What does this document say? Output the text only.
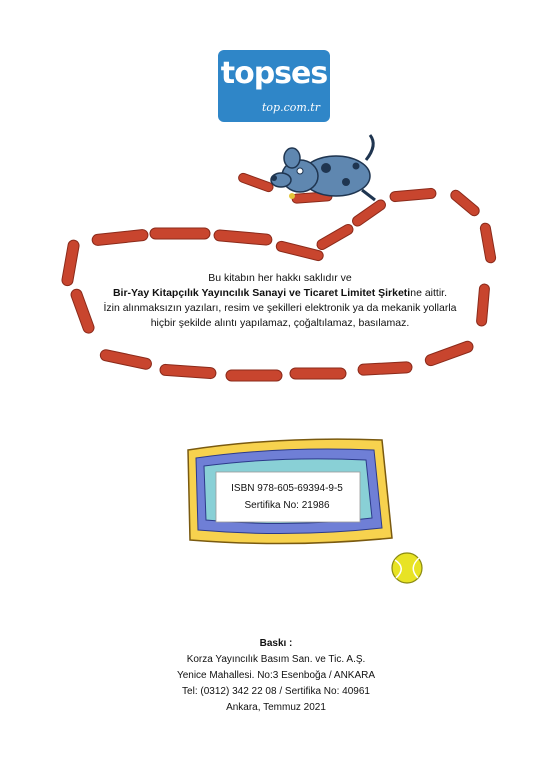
topses
top.com.tr
Bu kitabın her hakkı saklıdır ve
Bir-Yay Kitapçılık Yayıncılık Sanayi ve Ticaret Limitet Şirketine aittir.
İzin alınmaksızın yazıları, resim ve şekilleri elektronik ya da mekanik yollarla
hiçbir şekilde alıntı yapılamaz, çoğaltılamaz, basılamaz.
ISBN 978-605-69394-9-5
Sertifika No: 21986
Baskı :
Korza Yayıncılık Basım San. ve Tic. A.Ş.
Yenice Mahallesi. No:3 Esenboğa / ANKARA
Tel: (0312) 342 22 08 / Sertifika No: 40961
Ankara, Temmuz 2021
